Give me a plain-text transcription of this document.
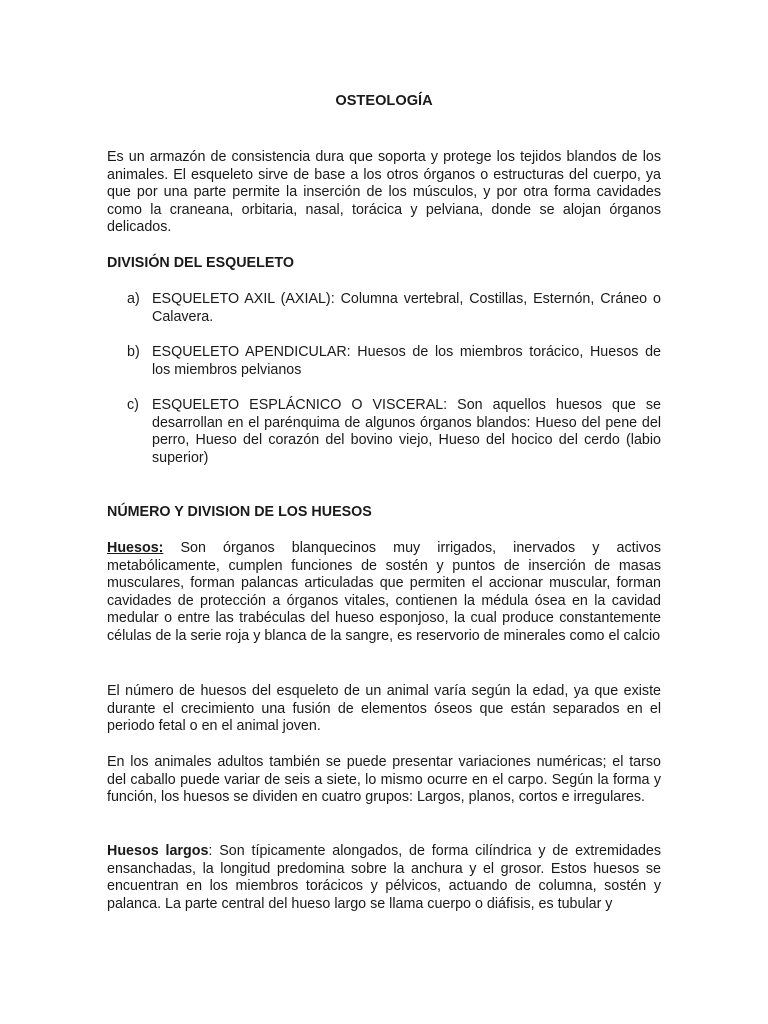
OSTEOLOGÍA

Es un armazón de consistencia dura que soporta y protege los tejidos blandos de los animales. El esqueleto sirve de base a los otros órganos o estructuras del cuerpo, ya que por una parte permite la inserción de los músculos, y por otra forma cavidades como la craneana, orbitaria, nasal, torácica y pelviana, donde se alojan órganos delicados.

DIVISIÓN DEL ESQUELETO
a) ESQUELETO AXIL (AXIAL): Columna vertebral, Costillas, Esternón, Cráneo o Calavera.
b) ESQUELETO APENDICULAR: Huesos de los miembros torácico, Huesos de los miembros pelvianos
c) ESQUELETO ESPLÁCNICO O VISCERAL: Son aquellos huesos que se desarrollan en el parénquima de algunos órganos blandos: Hueso del pene del perro, Hueso del corazón del bovino viejo, Hueso del hocico del cerdo (labio superior)
NÚMERO Y DIVISION DE LOS HUESOS

Huesos: Son órganos blanquecinos muy irrigados, inervados y activos metabólicamente, cumplen funciones de sostén y puntos de inserción de masas musculares, forman palancas articuladas que permiten el accionar muscular, forman cavidades de protección a órganos vitales, contienen la médula ósea en la cavidad medular o entre las trabéculas del hueso esponjoso, la cual produce constantemente células de la serie roja y blanca de la sangre, es reservorio de minerales como el calcio

El número de huesos del esqueleto de un animal varía según la edad, ya que existe durante el crecimiento una fusión de elementos óseos que están separados en el periodo fetal o en el animal joven.

En los animales adultos también se puede presentar variaciones numéricas; el tarso del caballo puede variar de seis a siete, lo mismo ocurre en el carpo. Según la forma y función, los huesos se dividen en cuatro grupos: Largos, planos, cortos e irregulares.

Huesos largos: Son típicamente alongados, de forma cilíndrica y de extremidades ensanchadas, la longitud predomina sobre la anchura y el grosor. Estos huesos se encuentran en los miembros torácicos y pélvicos, actuando de columna, sostén y palanca. La parte central del hueso largo se llama cuerpo o diáfisis, es tubular y
